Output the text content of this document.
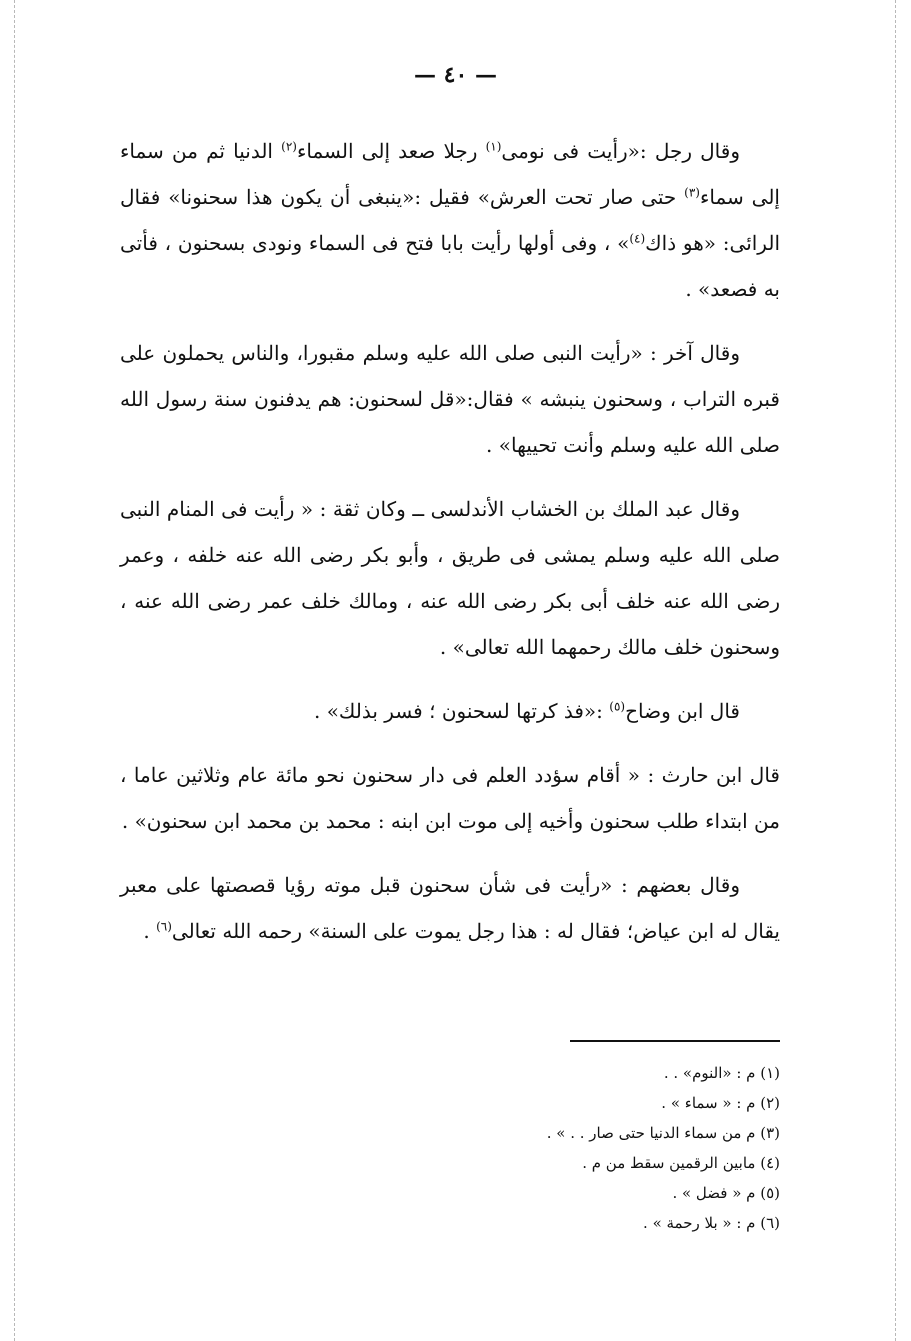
— ٤٠ —

وقال رجل :«رأيت فى نومى$^{(١)}$ رجلا صعد إلى السماء$^{(٢)}$ الدنيا ثم من سماء إلى سماء$^{(٣)}$ حتى صار تحت العرش» فقيل :«ينبغى أن يكون هذا سحنونا» فقال الرائى: «هو ذاك$^{(٤)}$» ، وفى أولها رأيت بابا فتح فى السماء ونودى بسحنون ، فأتى به فصعد» .

وقال آخر : «رأيت النبى صلى الله عليه وسلم مقبورا، والناس يحملون على قبره التراب ، وسحنون ينبشه » فقال:«قل لسحنون: هم يدفنون سنة رسول الله صلى الله عليه وسلم وأنت تحييها» .

وقال عبد الملك بن الخشاب الأندلسى ــ وكان ثقة : « رأيت فى المنام النبى صلى الله عليه وسلم يمشى فى طريق ، وأبو بكر رضى الله عنه خلفه ، وعمر رضى الله عنه خلف أبى بكر رضى الله عنه ، ومالك خلف عمر رضى الله عنه ، وسحنون خلف مالك رحمهما الله تعالى» .

قال ابن وضاح$^{(٥)}$ :«فذ كرتها لسحنون ؛ فسر بذلك» .

قال ابن حارث : « أقام سؤدد العلم فى دار سحنون نحو مائة عام وثلاثين عاما ، من ابتداء طلب سحنون وأخيه إلى موت ابن ابنه : محمد بن محمد ابن سحنون» .

وقال بعضهم : «رأيت فى شأن سحنون قبل موته رؤيا قصصتها على معبر يقال له ابن عياض؛ فقال له : هذا رجل يموت على السنة» رحمه الله تعالى$^{(٦)}$ .

(١) م : «النوم» . .

(٢) م : « سماء » .

(٣) م من سماء الدنيا حتى صار . . » .

(٤) مابين الرقمين سقط من م .

(٥) م « فضل » .

(٦) م : « بلا رحمة » .
